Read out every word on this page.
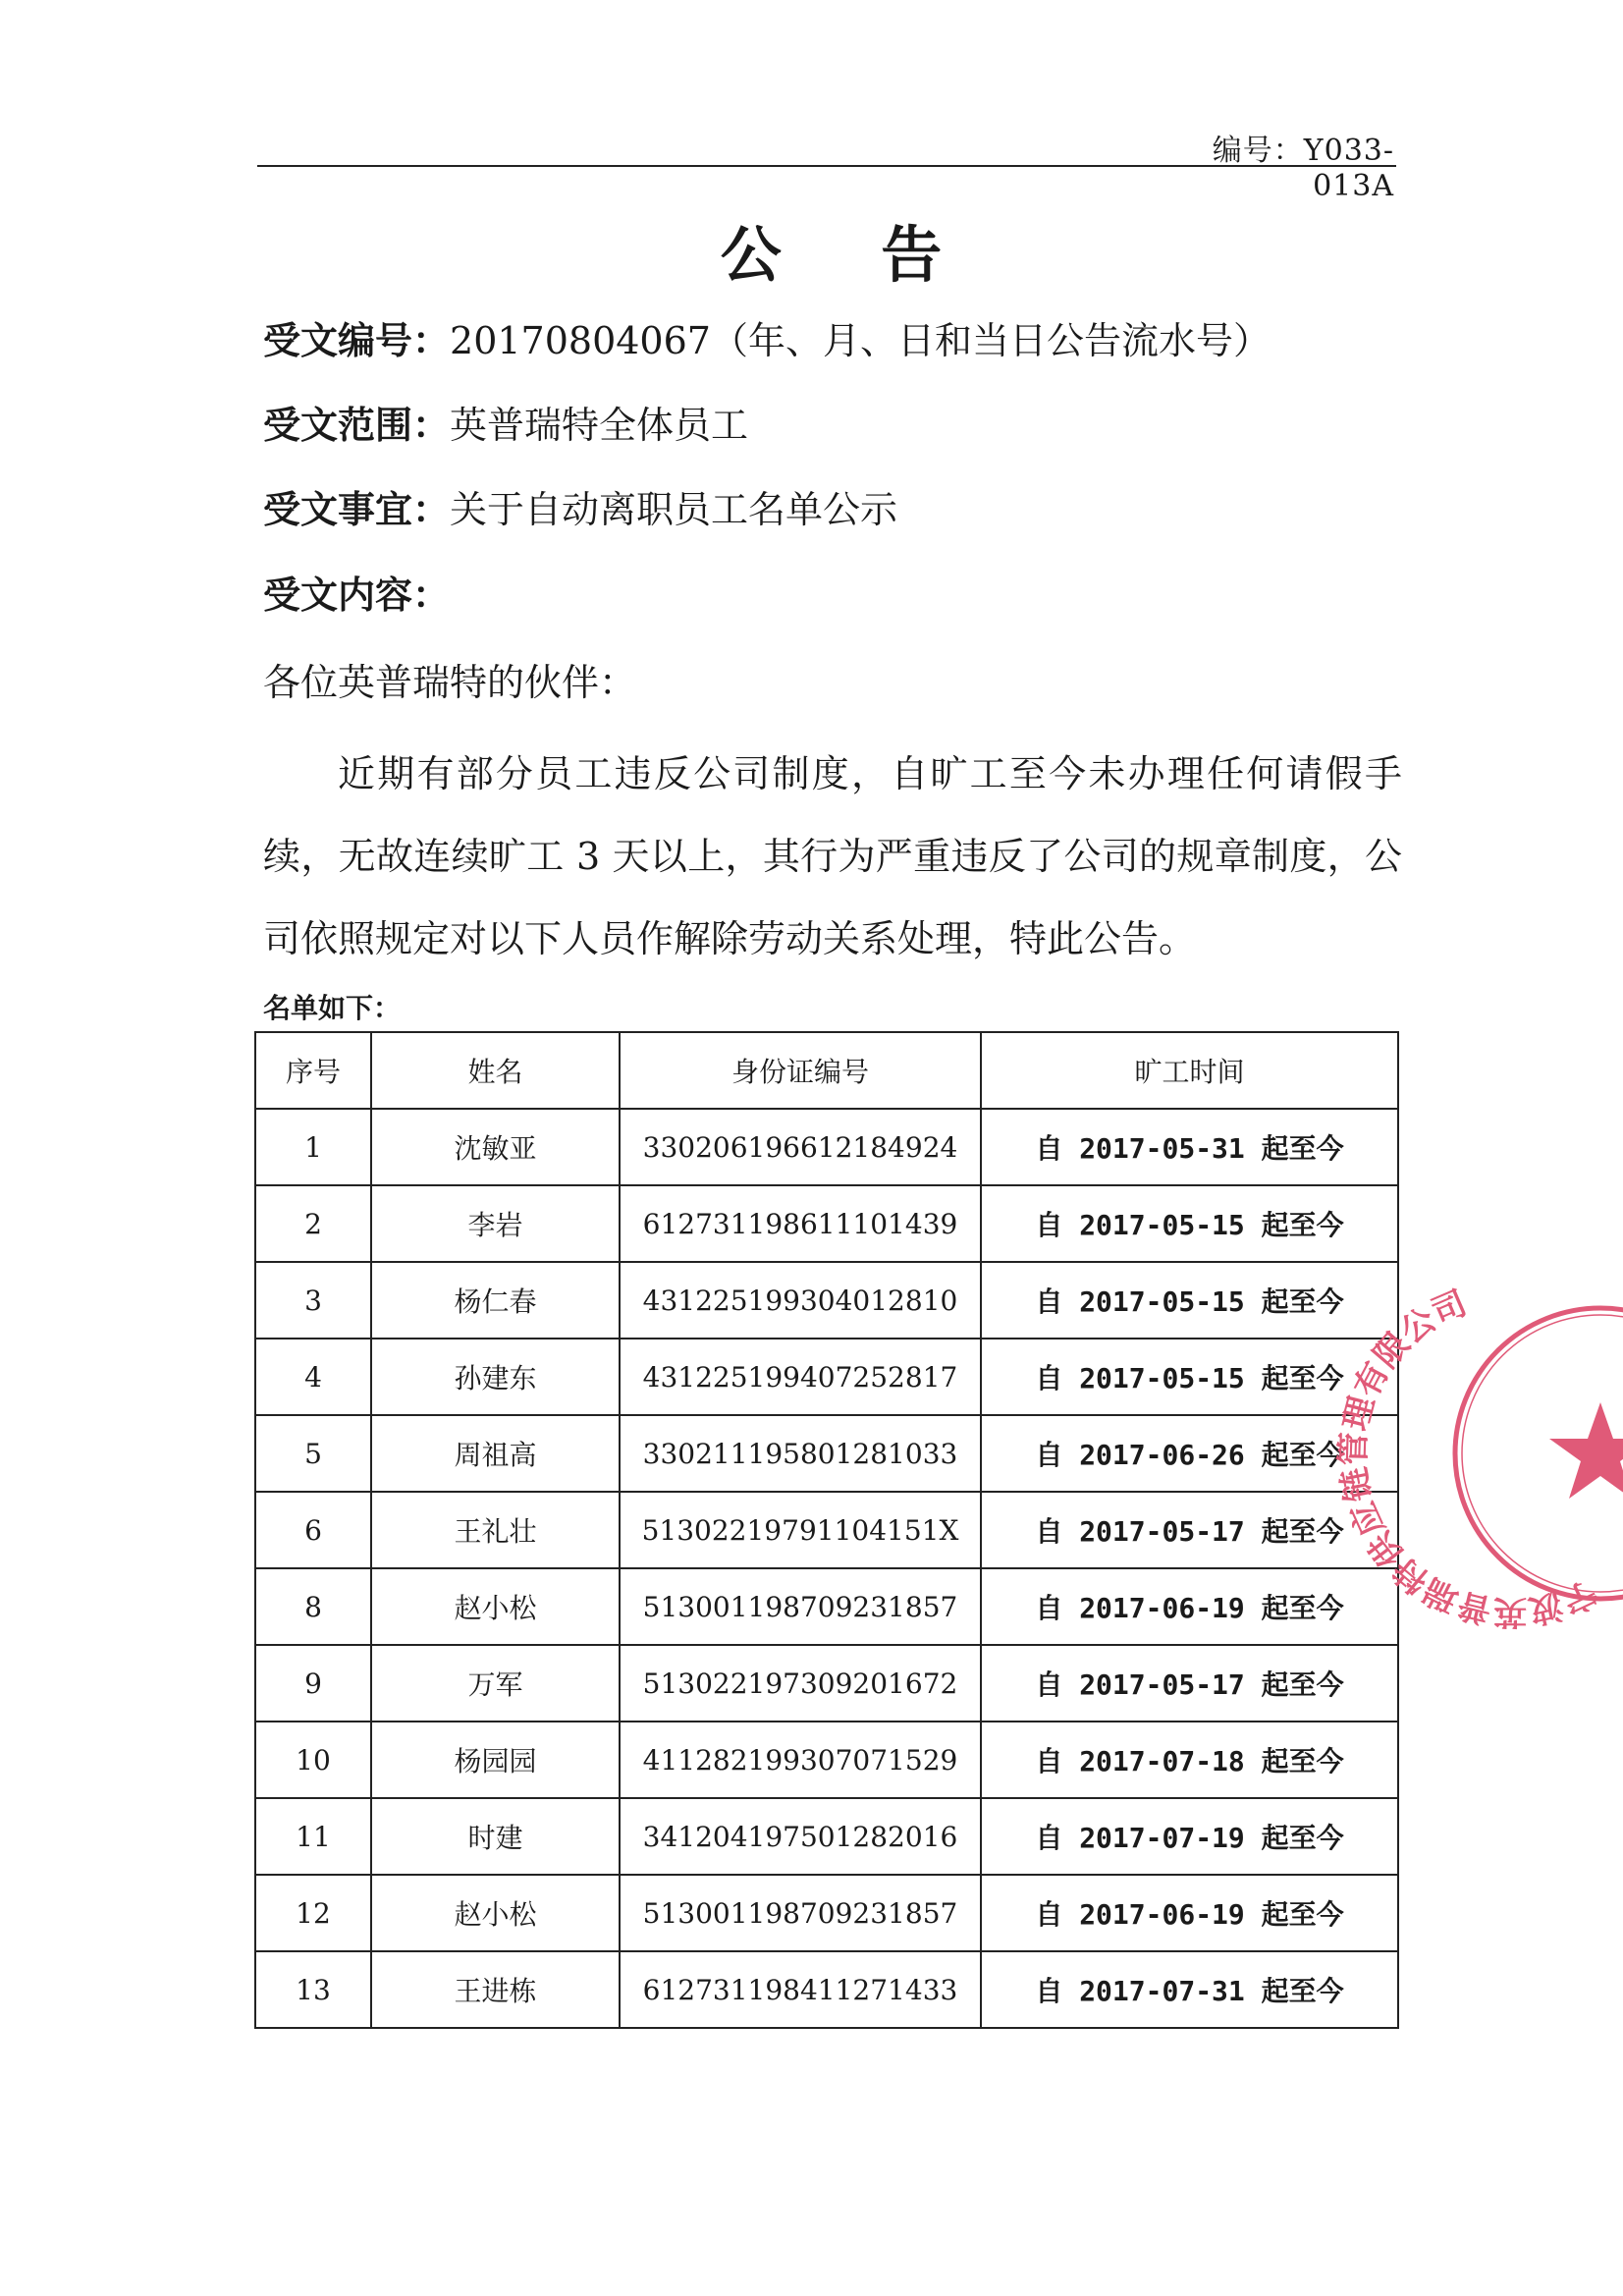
编号：Y033-013A
公 告
受文编号：20170804067（年、月、日和当日公告流水号）
受文范围：英普瑞特全体员工
受文事宜：关于自动离职员工名单公示
受文内容：
各位英普瑞特的伙伴：
近期有部分员工违反公司制度，自旷工至今未办理任何请假手续，无故连续旷工 3 天以上，其行为严重违反了公司的规章制度，公司依照规定对以下人员作解除劳动关系处理，特此公告。
名单如下：
序号	姓名	身份证编号	旷工时间
1	沈敏亚	330206196612184924	自 2017-05-31 起至今
2	李岩	612731198611101439	自 2017-05-15 起至今
3	杨仁春	431225199304012810	自 2017-05-15 起至今
4	孙建东	431225199407252817	自 2017-05-15 起至今
5	周祖高	330211195801281033	自 2017-06-26 起至今
6	王礼壮	51302219791104151X	自 2017-05-17 起至今
8	赵小松	513001198709231857	自 2017-06-19 起至今
9	万军	513022197309201672	自 2017-05-17 起至今
10	杨园园	411282199307071529	自 2017-07-18 起至今
11	时建	341204197501282016	自 2017-07-19 起至今
12	赵小松	513001198709231857	自 2017-06-19 起至今
13	王进栋	612731198411271433	自 2017-07-31 起至今
宁波英普瑞特供应链管理有限公司
